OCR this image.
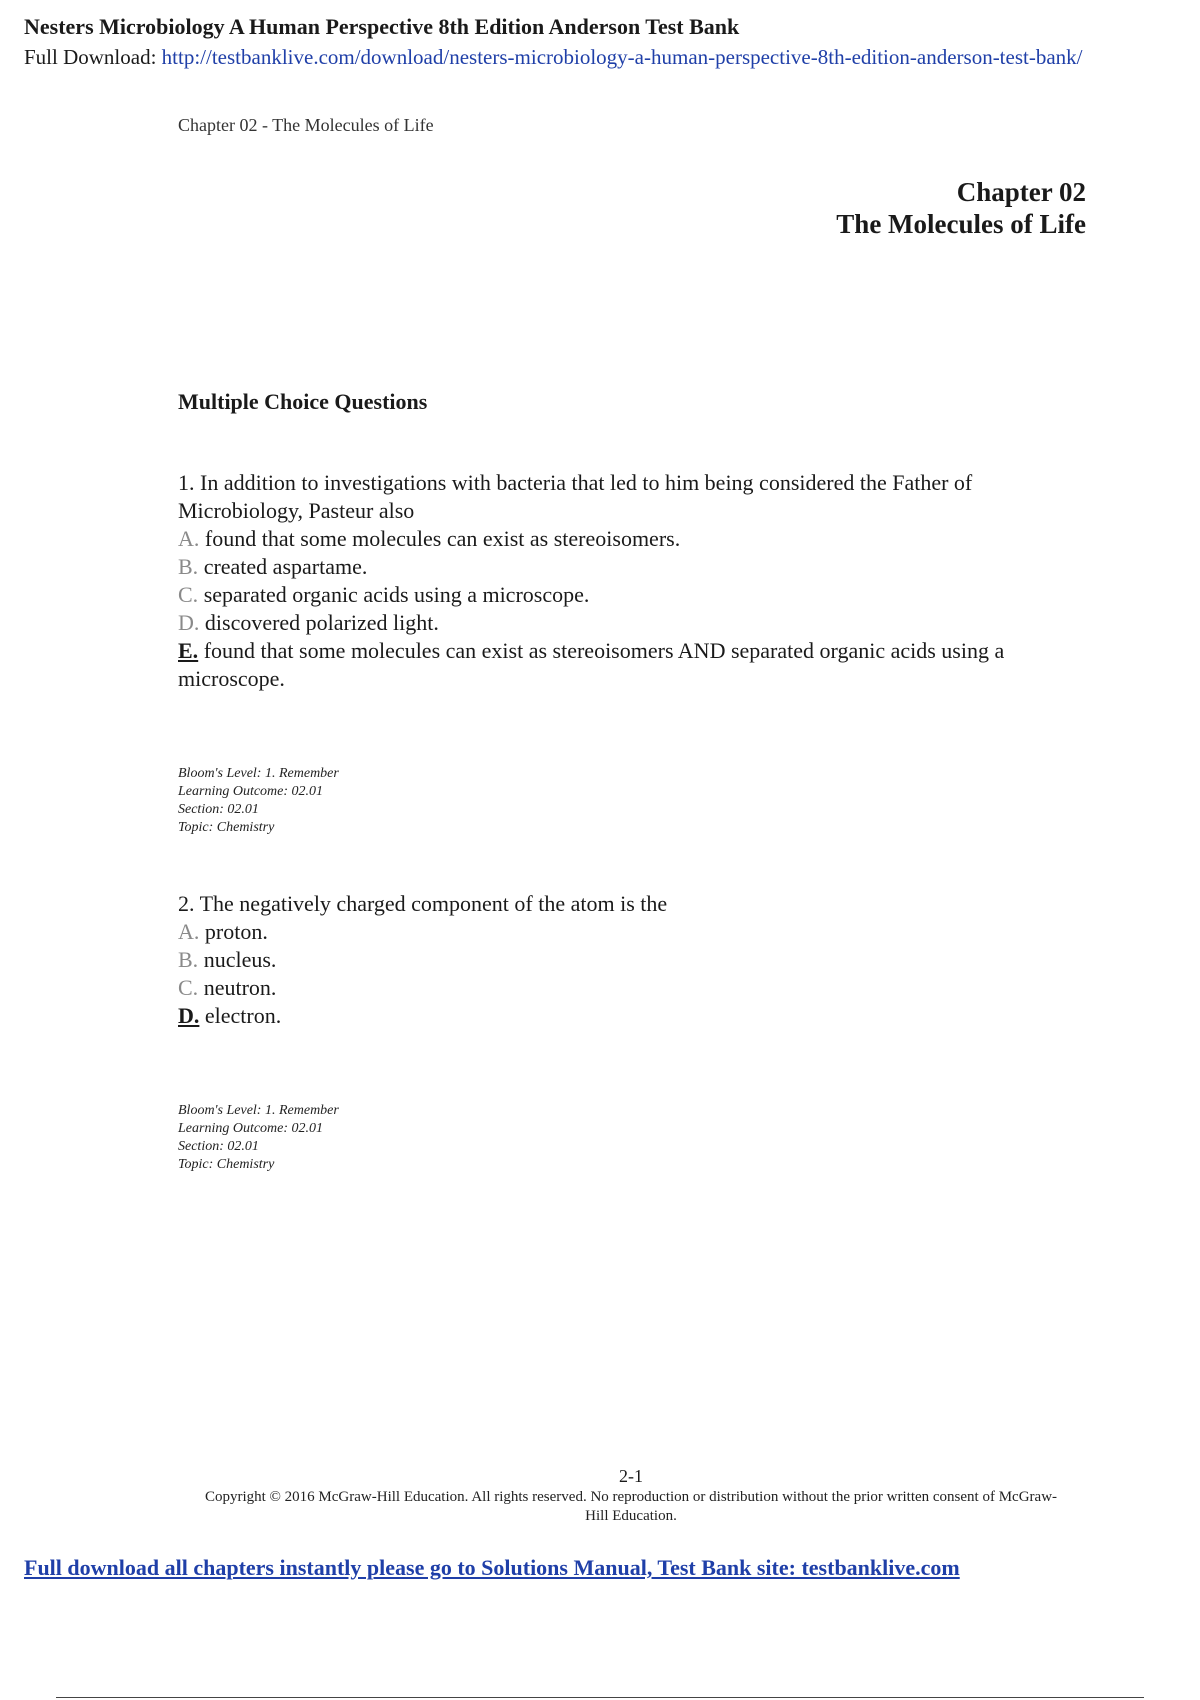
Nesters Microbiology A Human Perspective 8th Edition Anderson Test Bank
Full Download: http://testbanklive.com/download/nesters-microbiology-a-human-perspective-8th-edition-anderson-test-bank/
Chapter 02 - The Molecules of Life
Chapter 02
The Molecules of Life
Multiple Choice Questions

1. In addition to investigations with bacteria that led to him being considered the Father of Microbiology, Pasteur also

A. found that some molecules can exist as stereoisomers.

B. created aspartame.

C. separated organic acids using a microscope.

D. discovered polarized light.

E. found that some molecules can exist as stereoisomers AND separated organic acids using a microscope.

Bloom's Level: 1. Remember

Learning Outcome: 02.01

Section: 02.01

Topic: Chemistry

2. The negatively charged component of the atom is the

A. proton.

B. nucleus.

C. neutron.

D. electron.

Bloom's Level: 1. Remember

Learning Outcome: 02.01

Section: 02.01

Topic: Chemistry

2-1
Copyright © 2016 McGraw-Hill Education. All rights reserved. No reproduction or distribution without the prior written consent of McGraw-Hill Education.
Full download all chapters instantly please go to Solutions Manual, Test Bank site: testbanklive.com
